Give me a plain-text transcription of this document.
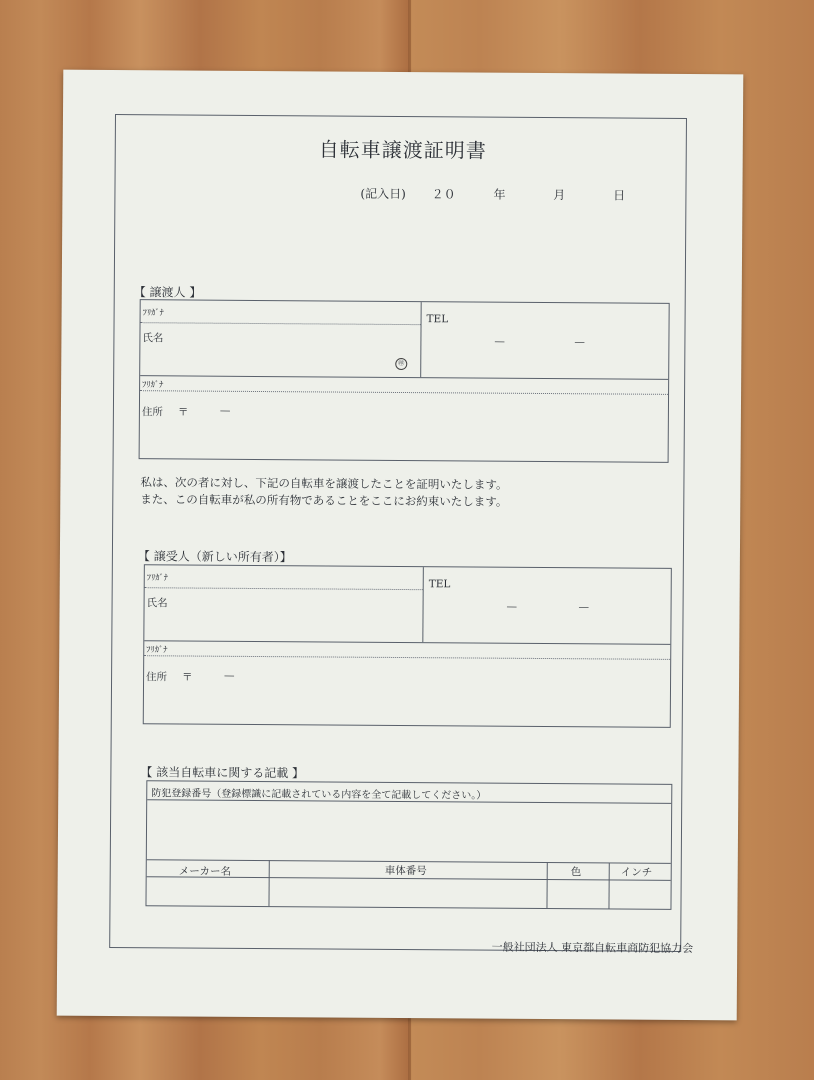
自転車譲渡証明書
(記入日) ２０	年	月	日
【 譲渡人 】
ﾌﾘｶﾞﾅ
氏名
㊞
TEL
—	—
ﾌﾘｶﾞﾅ
住所 〒	—
私は、次の者に対し、下記の自転車を譲渡したことを証明いたします。
また、この自転車が私の所有物であることをここにお約束いたします。
【 譲受人（新しい所有者）】
ﾌﾘｶﾞﾅ
氏名
TEL
—	—
ﾌﾘｶﾞﾅ
住所 〒	—
【 該当自転車に関する記載 】
防犯登録番号（登録標識に記載されている内容を全て記載してください。）
メーカー名	車体番号	色	インチ
一般社団法人 東京都自転車商防犯協力会
